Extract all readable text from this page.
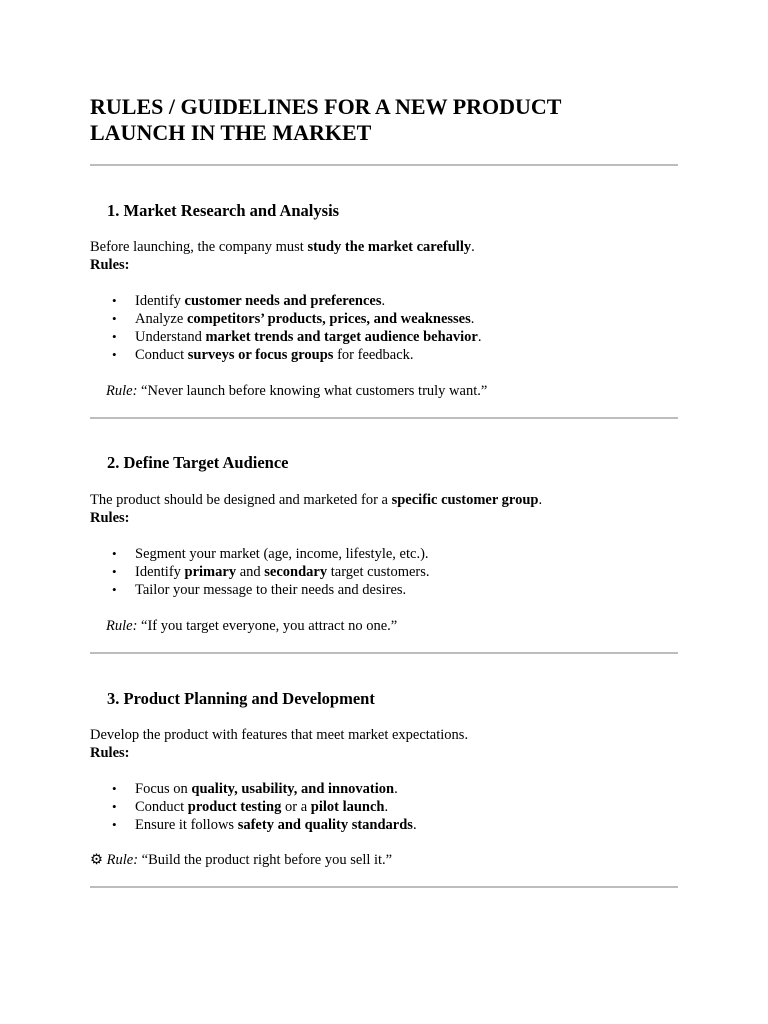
RULES / GUIDELINES FOR A NEW PRODUCT LAUNCH IN THE MARKET
1. Market Research and Analysis
Before launching, the company must study the market carefully.
Rules:
• Identify customer needs and preferences.
• Analyze competitors’ products, prices, and weaknesses.
• Understand market trends and target audience behavior.
• Conduct surveys or focus groups for feedback.
Rule: “Never launch before knowing what customers truly want.”
2. Define Target Audience
The product should be designed and marketed for a specific customer group.
Rules:
• Segment your market (age, income, lifestyle, etc.).
• Identify primary and secondary target customers.
• Tailor your message to their needs and desires.
Rule: “If you target everyone, you attract no one.”
3. Product Planning and Development
Develop the product with features that meet market expectations.
Rules:
• Focus on quality, usability, and innovation.
• Conduct product testing or a pilot launch.
• Ensure it follows safety and quality standards.
⚙ Rule: “Build the product right before you sell it.”
